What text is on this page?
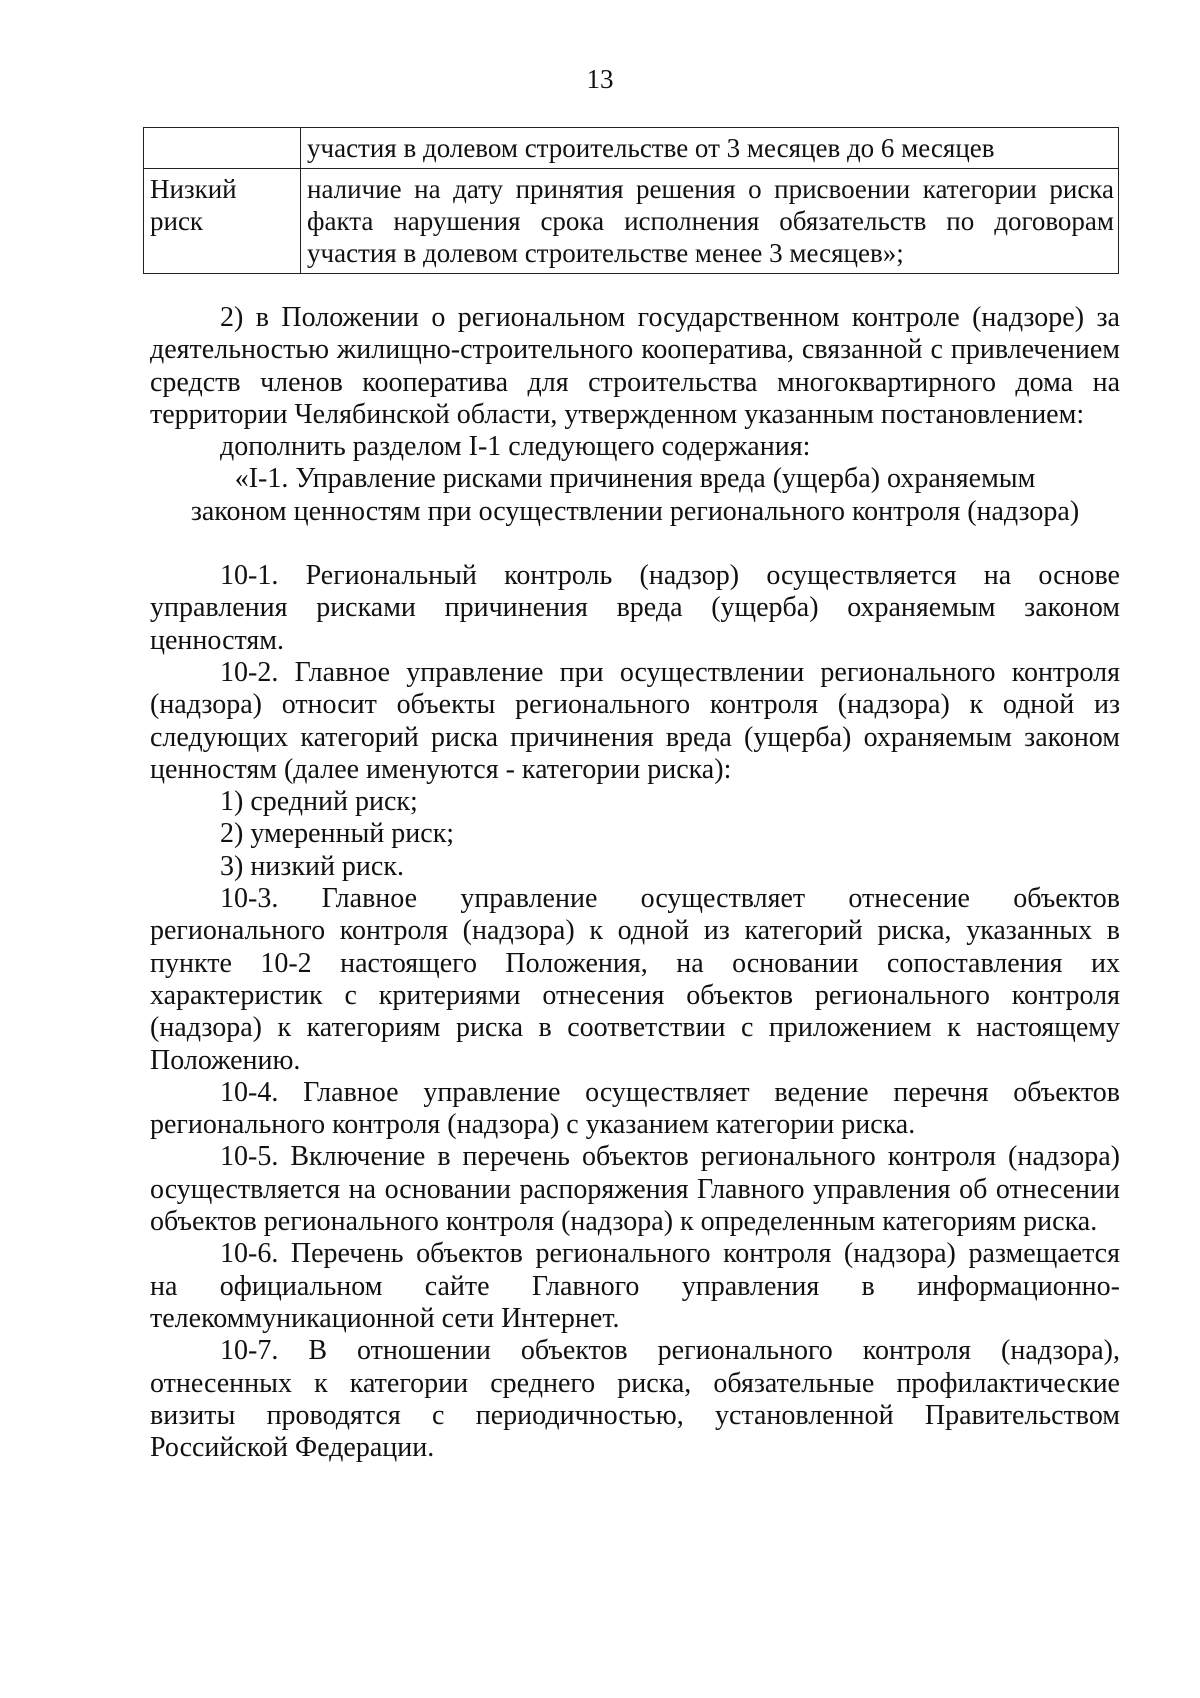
13
	участия в долевом строительстве от 3 месяцев до 6 месяцев
Низкий риск	наличие на дату принятия решения о присвоении категории риска факта нарушения срока исполнения обязательств по договорам участия в долевом строительстве менее 3 месяцев»;

2) в Положении о региональном государственном контроле (надзоре) за деятельностью жилищно-строительного кооператива, связанной с привлечением средств членов кооператива для строительства многоквартирного дома на территории Челябинской области, утвержденном указанным постановлением:

дополнить разделом I-1 следующего содержания:

«I-1. Управление рисками причинения вреда (ущерба) охраняемым
законом ценностям при осуществлении регионального контроля (надзора)

10-1. Региональный контроль (надзор) осуществляется на основе управления рисками причинения вреда (ущерба) охраняемым законом ценностям.

10-2. Главное управление при осуществлении регионального контроля (надзора) относит объекты регионального контроля (надзора) к одной из следующих категорий риска причинения вреда (ущерба) охраняемым законом ценностям (далее именуются - категории риска):

1) средний риск;

2) умеренный риск;

3) низкий риск.

10-3. Главное управление осуществляет отнесение объектов регионального контроля (надзора) к одной из категорий риска, указанных в пункте 10-2 настоящего Положения, на основании сопоставления их характеристик с критериями отнесения объектов регионального контроля (надзора) к категориям риска в соответствии с приложением к настоящему Положению.

10-4. Главное управление осуществляет ведение перечня объектов регионального контроля (надзора) с указанием категории риска.

10-5. Включение в перечень объектов регионального контроля (надзора) осуществляется на основании распоряжения Главного управления об отнесении объектов регионального контроля (надзора) к определенным категориям риска.

10-6. Перечень объектов регионального контроля (надзора) размещается на официальном сайте Главного управления в информационно-телекоммуникационной сети Интернет.

10-7. В отношении объектов регионального контроля (надзора), отнесенных к категории среднего риска, обязательные профилактические визиты проводятся с периодичностью, установленной Правительством Российской Федерации.
